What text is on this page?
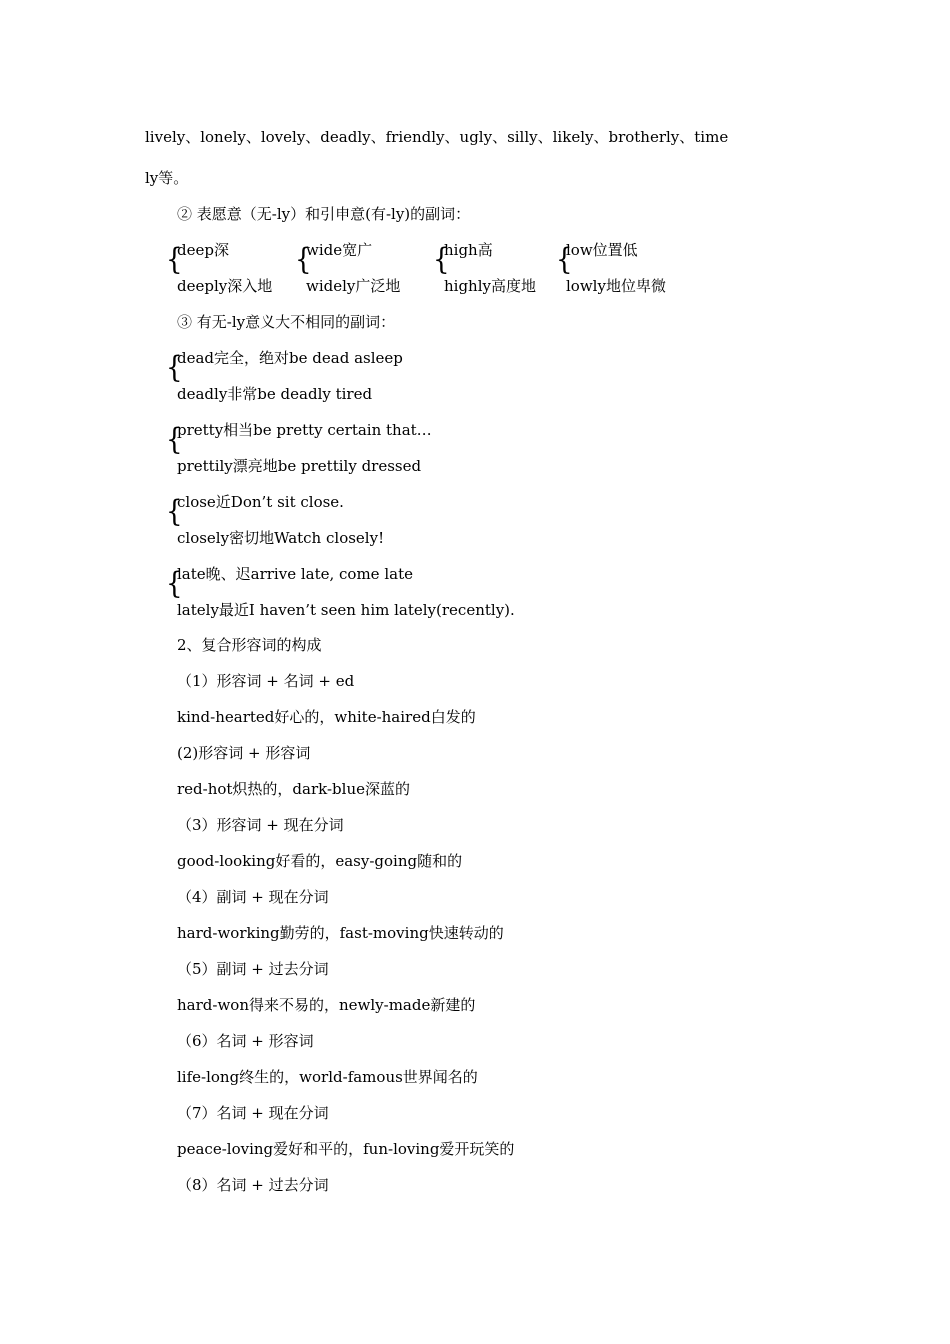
lively、lonely、lovely、deadly、friendly、ugly、silly、likely、brotherly、time
ly等。
② 表愿意（无-ly）和引申意(有-ly)的副词：
{
deep深
deeply深入地
{
wide宽广
widely广泛地
{
high高
highly高度地
{
low位置低
lowly地位卑微
③ 有无-ly意义大不相同的副词：
{
dead完全，绝对be dead asleep
deadly非常be deadly tired
{
pretty相当be pretty certain that…
prettily漂亮地be prettily dressed
{
close近Don’t sit close.
closely密切地Watch closely!
{
late晚、迟arrive late, come late
lately最近I haven’t seen him lately(recently).
2、复合形容词的构成
（1）形容词 + 名词 + ed
kind-hearted好心的，white-haired白发的
(2)形容词 + 形容词
red-hot炽热的，dark-blue深蓝的
（3）形容词 + 现在分词
good-looking好看的，easy-going随和的
（4）副词 + 现在分词
hard-working勤劳的，fast-moving快速转动的
（5）副词 + 过去分词
hard-won得来不易的，newly-made新建的
（6）名词 + 形容词
life-long终生的，world-famous世界闻名的
（7）名词 + 现在分词
peace-loving爱好和平的，fun-loving爱开玩笑的
（8）名词 + 过去分词
